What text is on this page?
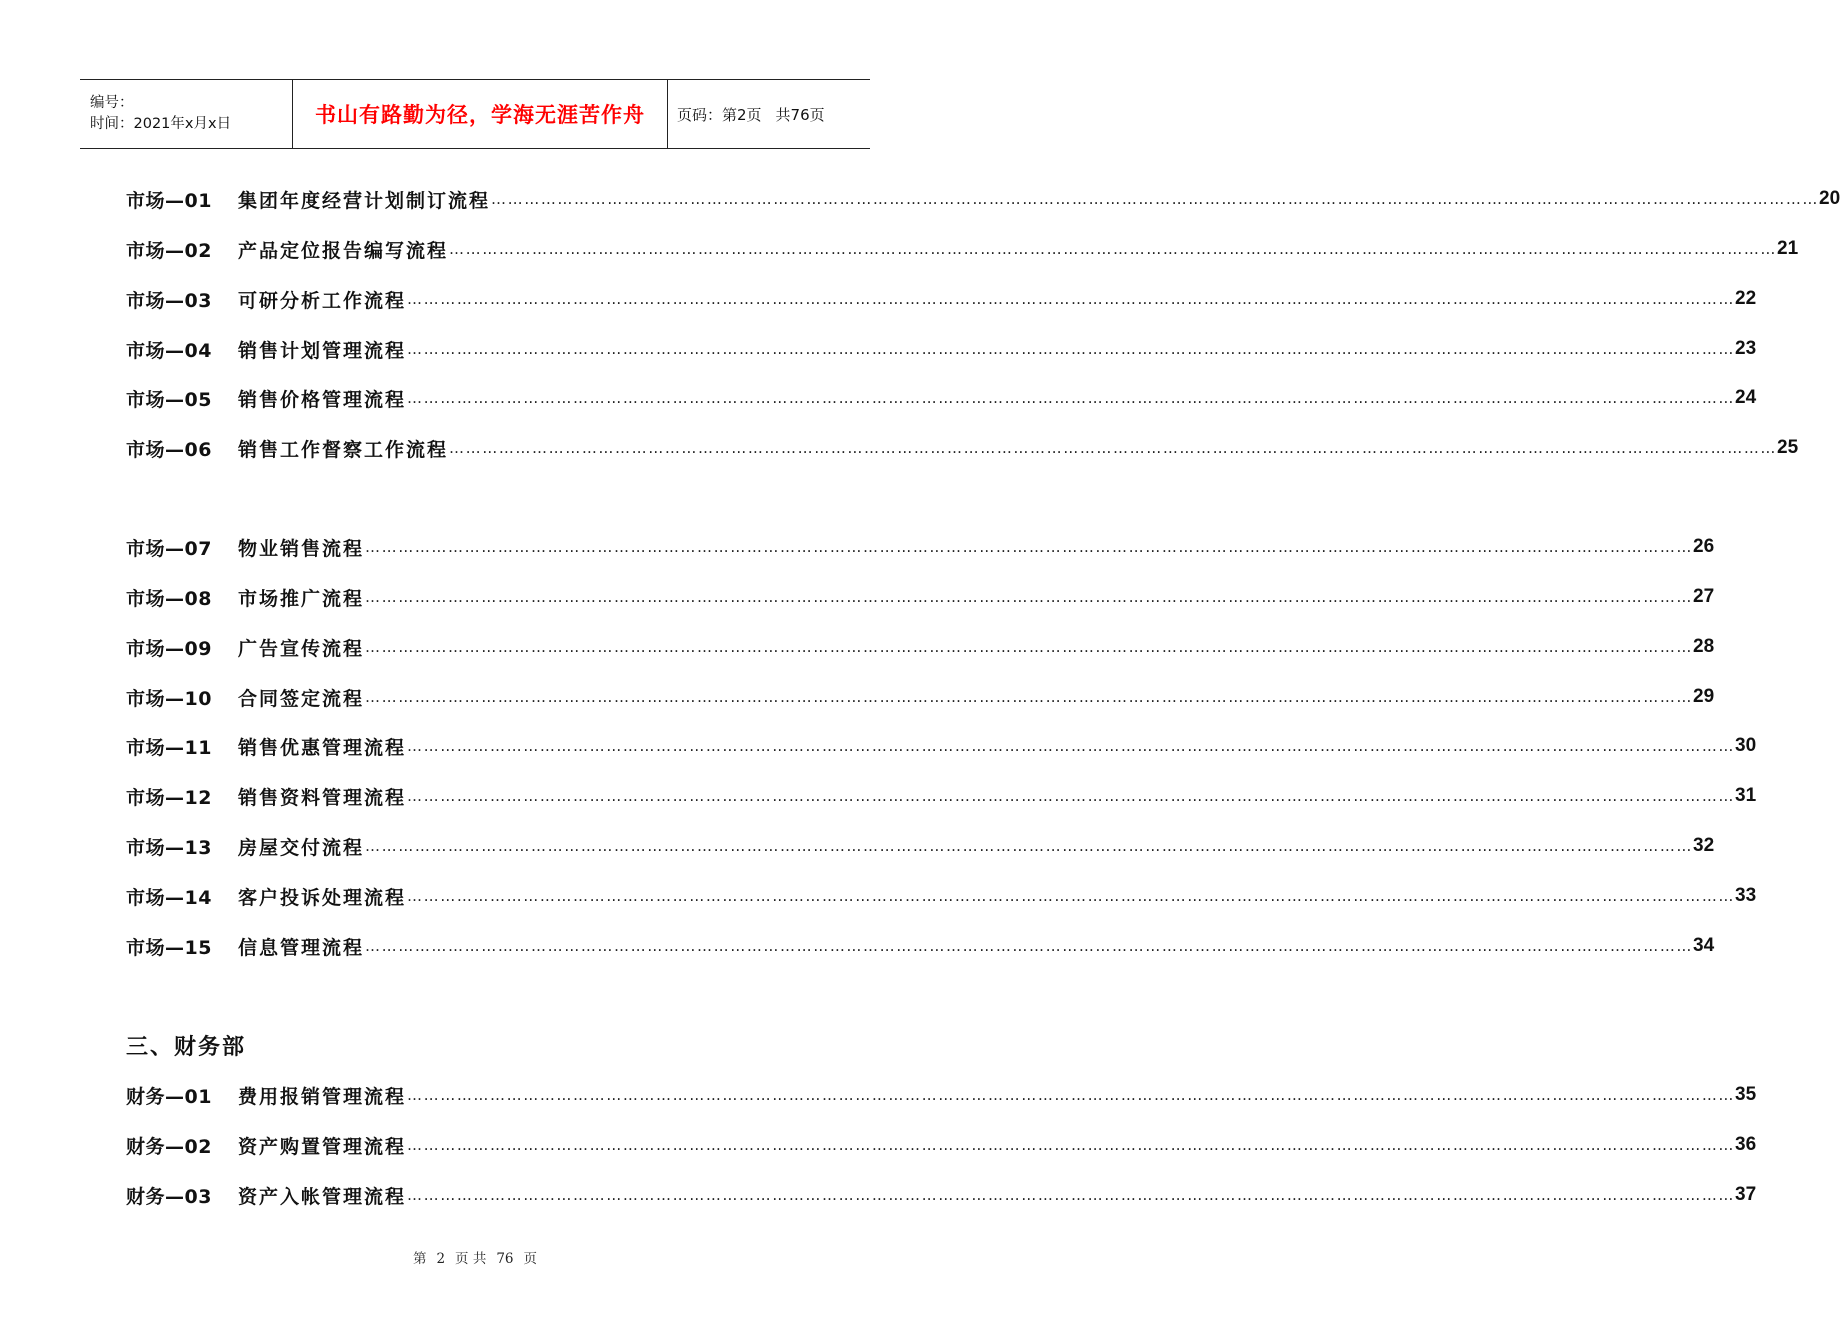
编号：
时间：2021年x月x日	书山有路勤为径，学海无涯苦作舟	页码：第2页 共76页
市场—01	集团年度经营计划制订流程 …………………………………………………………………………………………………………………………………………………………………………………………………………………… 20
市场—02	产品定位报告编写流程 …………………………………………………………………………………………………………………………………………………………………………………………………………………… 21
市场—03	可研分析工作流程 …………………………………………………………………………………………………………………………………………………………………………………………………………………… 22
市场—04	销售计划管理流程 …………………………………………………………………………………………………………………………………………………………………………………………………………………… 23
市场—05	销售价格管理流程 …………………………………………………………………………………………………………………………………………………………………………………………………………………… 24
市场—06	销售工作督察工作流程 …………………………………………………………………………………………………………………………………………………………………………………………………………………… 25
市场—07	物业销售流程 …………………………………………………………………………………………………………………………………………………………………………………………………………………… 26
市场—08	市场推广流程 …………………………………………………………………………………………………………………………………………………………………………………………………………………… 27
市场—09	广告宣传流程 …………………………………………………………………………………………………………………………………………………………………………………………………………………… 28
市场—10	合同签定流程 …………………………………………………………………………………………………………………………………………………………………………………………………………………… 29
市场—11	销售优惠管理流程 …………………………………………………………………………………………………………………………………………………………………………………………………………………… 30
市场—12	销售资料管理流程 …………………………………………………………………………………………………………………………………………………………………………………………………………………… 31
市场—13	房屋交付流程 …………………………………………………………………………………………………………………………………………………………………………………………………………………… 32
市场—14	客户投诉处理流程 …………………………………………………………………………………………………………………………………………………………………………………………………………………… 33
市场—15	信息管理流程 …………………………………………………………………………………………………………………………………………………………………………………………………………………… 34
财务—01	费用报销管理流程 …………………………………………………………………………………………………………………………………………………………………………………………………………………… 35
财务—02	资产购置管理流程 …………………………………………………………………………………………………………………………………………………………………………………………………………………… 36
财务—03	资产入帐管理流程 …………………………………………………………………………………………………………………………………………………………………………………………………………………… 37
三、财务部
第 2 页 共 76 页
